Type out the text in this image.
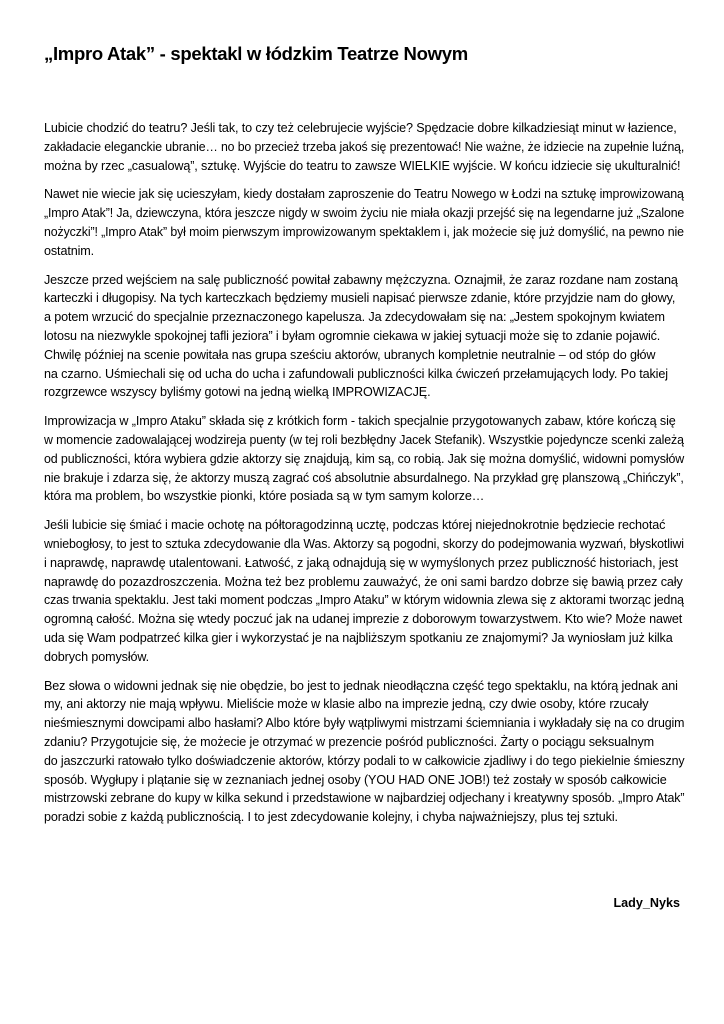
„Impro Atak” - spektakl w łódzkim Teatrze Nowym

Lubicie chodzić do teatru? Jeśli tak, to czy też celebrujecie wyjście? Spędzacie dobre kilkadziesiąt minut w łazience,
zakładacie eleganckie ubranie… no bo przecież trzeba jakoś się prezentować! Nie ważne, że idziecie na zupełnie luźną,
można by rzec „casualową”, sztukę. Wyjście do teatru to zawsze WIELKIE wyjście. W końcu idziecie się ukulturalnić!

Nawet nie wiecie jak się ucieszyłam, kiedy dostałam zaproszenie do Teatru Nowego w Łodzi na sztukę improwizowaną
„Impro Atak”! Ja, dziewczyna, która jeszcze nigdy w swoim życiu nie miała okazji przejść się na legendarne już „Szalone
nożyczki”! „Impro Atak” był moim pierwszym improwizowanym spektaklem i, jak możecie się już domyślić, na pewno nie
ostatnim.

Jeszcze przed wejściem na salę publiczność powitał zabawny mężczyzna. Oznajmił, że zaraz rozdane nam zostaną
karteczki i długopisy. Na tych karteczkach będziemy musieli napisać pierwsze zdanie, które przyjdzie nam do głowy,
a potem wrzucić do specjalnie przeznaczonego kapelusza. Ja zdecydowałam się na: „Jestem spokojnym kwiatem
lotosu na niezwykle spokojnej tafli jeziora” i byłam ogromnie ciekawa w jakiej sytuacji może się to zdanie pojawić.
Chwilę później na scenie powitała nas grupa sześciu aktorów, ubranych kompletnie neutralnie – od stóp do głów
na czarno. Uśmiechali się od ucha do ucha i zafundowali publiczności kilka ćwiczeń przełamujących lody. Po takiej
rozgrzewce wszyscy byliśmy gotowi na jedną wielką IMPROWIZACJĘ.

Improwizacja w „Impro Ataku” składa się z krótkich form - takich specjalnie przygotowanych zabaw, które kończą się
w momencie zadowalającej wodzireja puenty (w tej roli bezbłędny Jacek Stefanik). Wszystkie pojedyncze scenki zależą
od publiczności, która wybiera gdzie aktorzy się znajdują, kim są, co robią. Jak się można domyślić, widowni pomysłów
nie brakuje i zdarza się, że aktorzy muszą zagrać coś absolutnie absurdalnego. Na przykład grę planszową „Chińczyk”,
która ma problem, bo wszystkie pionki, które posiada są w tym samym kolorze…

Jeśli lubicie się śmiać i macie ochotę na półtoragodzinną ucztę, podczas której niejednokrotnie będziecie rechotać
wniebogłosy, to jest to sztuka zdecydowanie dla Was. Aktorzy są pogodni, skorzy do podejmowania wyzwań, błyskotliwi
i naprawdę, naprawdę utalentowani. Łatwość, z jaką odnajdują się w wymyślonych przez publiczność historiach, jest
naprawdę do pozazdroszczenia. Można też bez problemu zauważyć, że oni sami bardzo dobrze się bawią przez cały
czas trwania spektaklu. Jest taki moment podczas „Impro Ataku” w którym widownia zlewa się z aktorami tworząc jedną
ogromną całość. Można się wtedy poczuć jak na udanej imprezie z doborowym towarzystwem. Kto wie? Może nawet
uda się Wam podpatrzeć kilka gier i wykorzystać je na najbliższym spotkaniu ze znajomymi? Ja wyniosłam już kilka
dobrych pomysłów.

Bez słowa o widowni jednak się nie obędzie, bo jest to jednak nieodłączna część tego spektaklu, na którą jednak ani
my, ani aktorzy nie mają wpływu. Mieliście może w klasie albo na imprezie jedną, czy dwie osoby, które rzucały
nieśmiesznymi dowcipami albo hasłami? Albo które były wątpliwymi mistrzami ściemniania i wykładały się na co drugim
zdaniu? Przygotujcie się, że możecie je otrzymać w prezencie pośród publiczności. Żarty o pociągu seksualnym
do jaszczurki ratowało tylko doświadczenie aktorów, którzy podali to w całkowicie zjadliwy i do tego piekielnie śmieszny
sposób. Wygłupy i plątanie się w zeznaniach jednej osoby (YOU HAD ONE JOB!) też zostały w sposób całkowicie
mistrzowski zebrane do kupy w kilka sekund i przedstawione w najbardziej odjechany i kreatywny sposób. „Impro Atak”
poradzi sobie z każdą publicznością. I to jest zdecydowanie kolejny, i chyba najważniejszy, plus tej sztuki.

Lady_Nyks
